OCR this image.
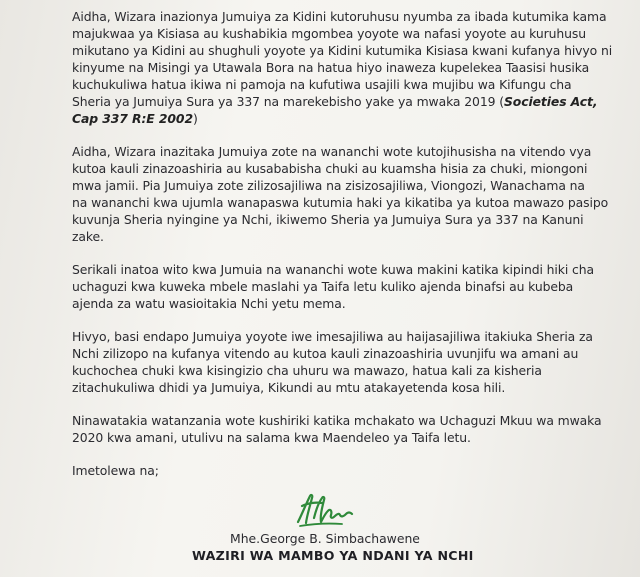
Aidha, Wizara inazionya Jumuiya za Kidini kutoruhusu nyumba za ibada kutumika kama
majukwaa ya Kisiasa au kushabikia mgombea yoyote wa nafasi yoyote au kuruhusu
mikutano ya Kidini au shughuli yoyote ya Kidini kutumika Kisiasa kwani kufanya hivyo ni
kinyume na Misingi ya Utawala Bora na hatua hiyo inaweza kupelekea Taasisi husika
kuchukuliwa hatua ikiwa ni pamoja na kufutiwa usajili kwa mujibu wa Kifungu cha
Sheria ya Jumuiya Sura ya 337 na marekebisho yake ya mwaka 2019 (Societies Act,
Cap 337 R:E 2002)

Aidha, Wizara inazitaka Jumuiya zote na wananchi wote kutojihusisha na vitendo vya
kutoa kauli zinazoashiria au kusababisha chuki au kuamsha hisia za chuki, miongoni
mwa jamii. Pia Jumuiya zote zilizosajiliwa na zisizosajiliwa, Viongozi, Wanachama na
na wananchi kwa ujumla wanapaswa kutumia haki ya kikatiba ya kutoa mawazo pasipo
kuvunja Sheria nyingine ya Nchi, ikiwemo Sheria ya Jumuiya Sura ya 337 na Kanuni
zake.

Serikali inatoa wito kwa Jumuia na wananchi wote kuwa makini katika kipindi hiki cha
uchaguzi kwa kuweka mbele maslahi ya Taifa letu kuliko ajenda binafsi au kubeba
ajenda za watu wasioitakia Nchi yetu mema.

Hivyo, basi endapo Jumuiya yoyote iwe imesajiliwa au haijasajiliwa itakiuka Sheria za
Nchi zilizopo na kufanya vitendo au kutoa kauli zinazoashiria uvunjifu wa amani au
kuchochea chuki kwa kisingizio cha uhuru wa mawazo, hatua kali za kisheria
zitachukuliwa dhidi ya Jumuiya, Kikundi au mtu atakayetenda kosa hili.

Ninawatakia watanzania wote kushiriki katika mchakato wa Uchaguzi Mkuu wa mwaka
2020 kwa amani, utulivu na salama kwa Maendeleo ya Taifa letu.

Imetolewa na;

Mhe.George B. Simbachawene
WAZIRI WA MAMBO YA NDANI YA NCHI
